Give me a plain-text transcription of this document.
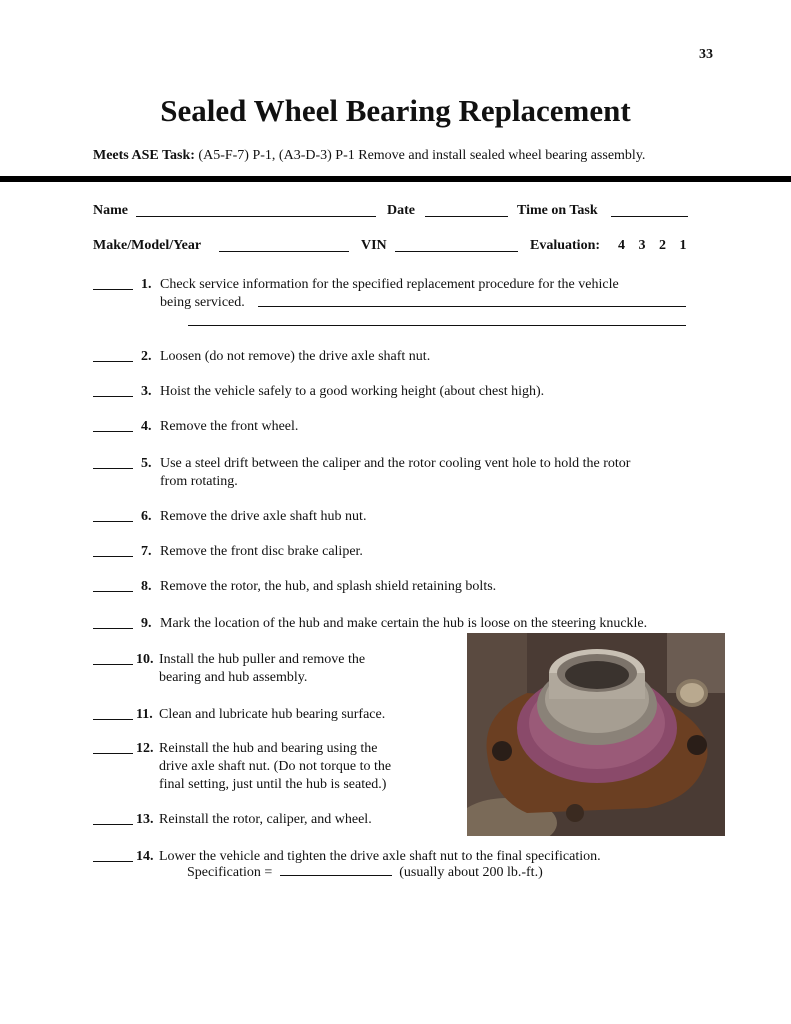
33
Sealed Wheel Bearing Replacement
Meets ASE Task: (A5-F-7) P-1, (A3-D-3) P-1 Remove and install sealed wheel bearing assembly.
Name	Date	Time on Task
Make/Model/Year	VIN	Evaluation: 4 3 2 1
1. Check service information for the specified replacement procedure for the vehicle
being serviced.
2. Loosen (do not remove) the drive axle shaft nut.
3. Hoist the vehicle safely to a good working height (about chest high).
4. Remove the front wheel.
5. Use a steel drift between the caliper and the rotor cooling vent hole to hold the rotor
from rotating.
6. Remove the drive axle shaft hub nut.
7. Remove the front disc brake caliper.
8. Remove the rotor, the hub, and splash shield retaining bolts.
9. Mark the location of the hub and make certain the hub is loose on the steering knuckle.
10. Install the hub puller and remove the
bearing and hub assembly.
11. Clean and lubricate hub bearing surface.
12. Reinstall the hub and bearing using the
drive axle shaft nut. (Do not torque to the
final setting, just until the hub is seated.)
13. Reinstall the rotor, caliper, and wheel.
14. Lower the vehicle and tighten the drive axle shaft nut to the final specification.
Specification =	(usually about 200 lb.-ft.)
